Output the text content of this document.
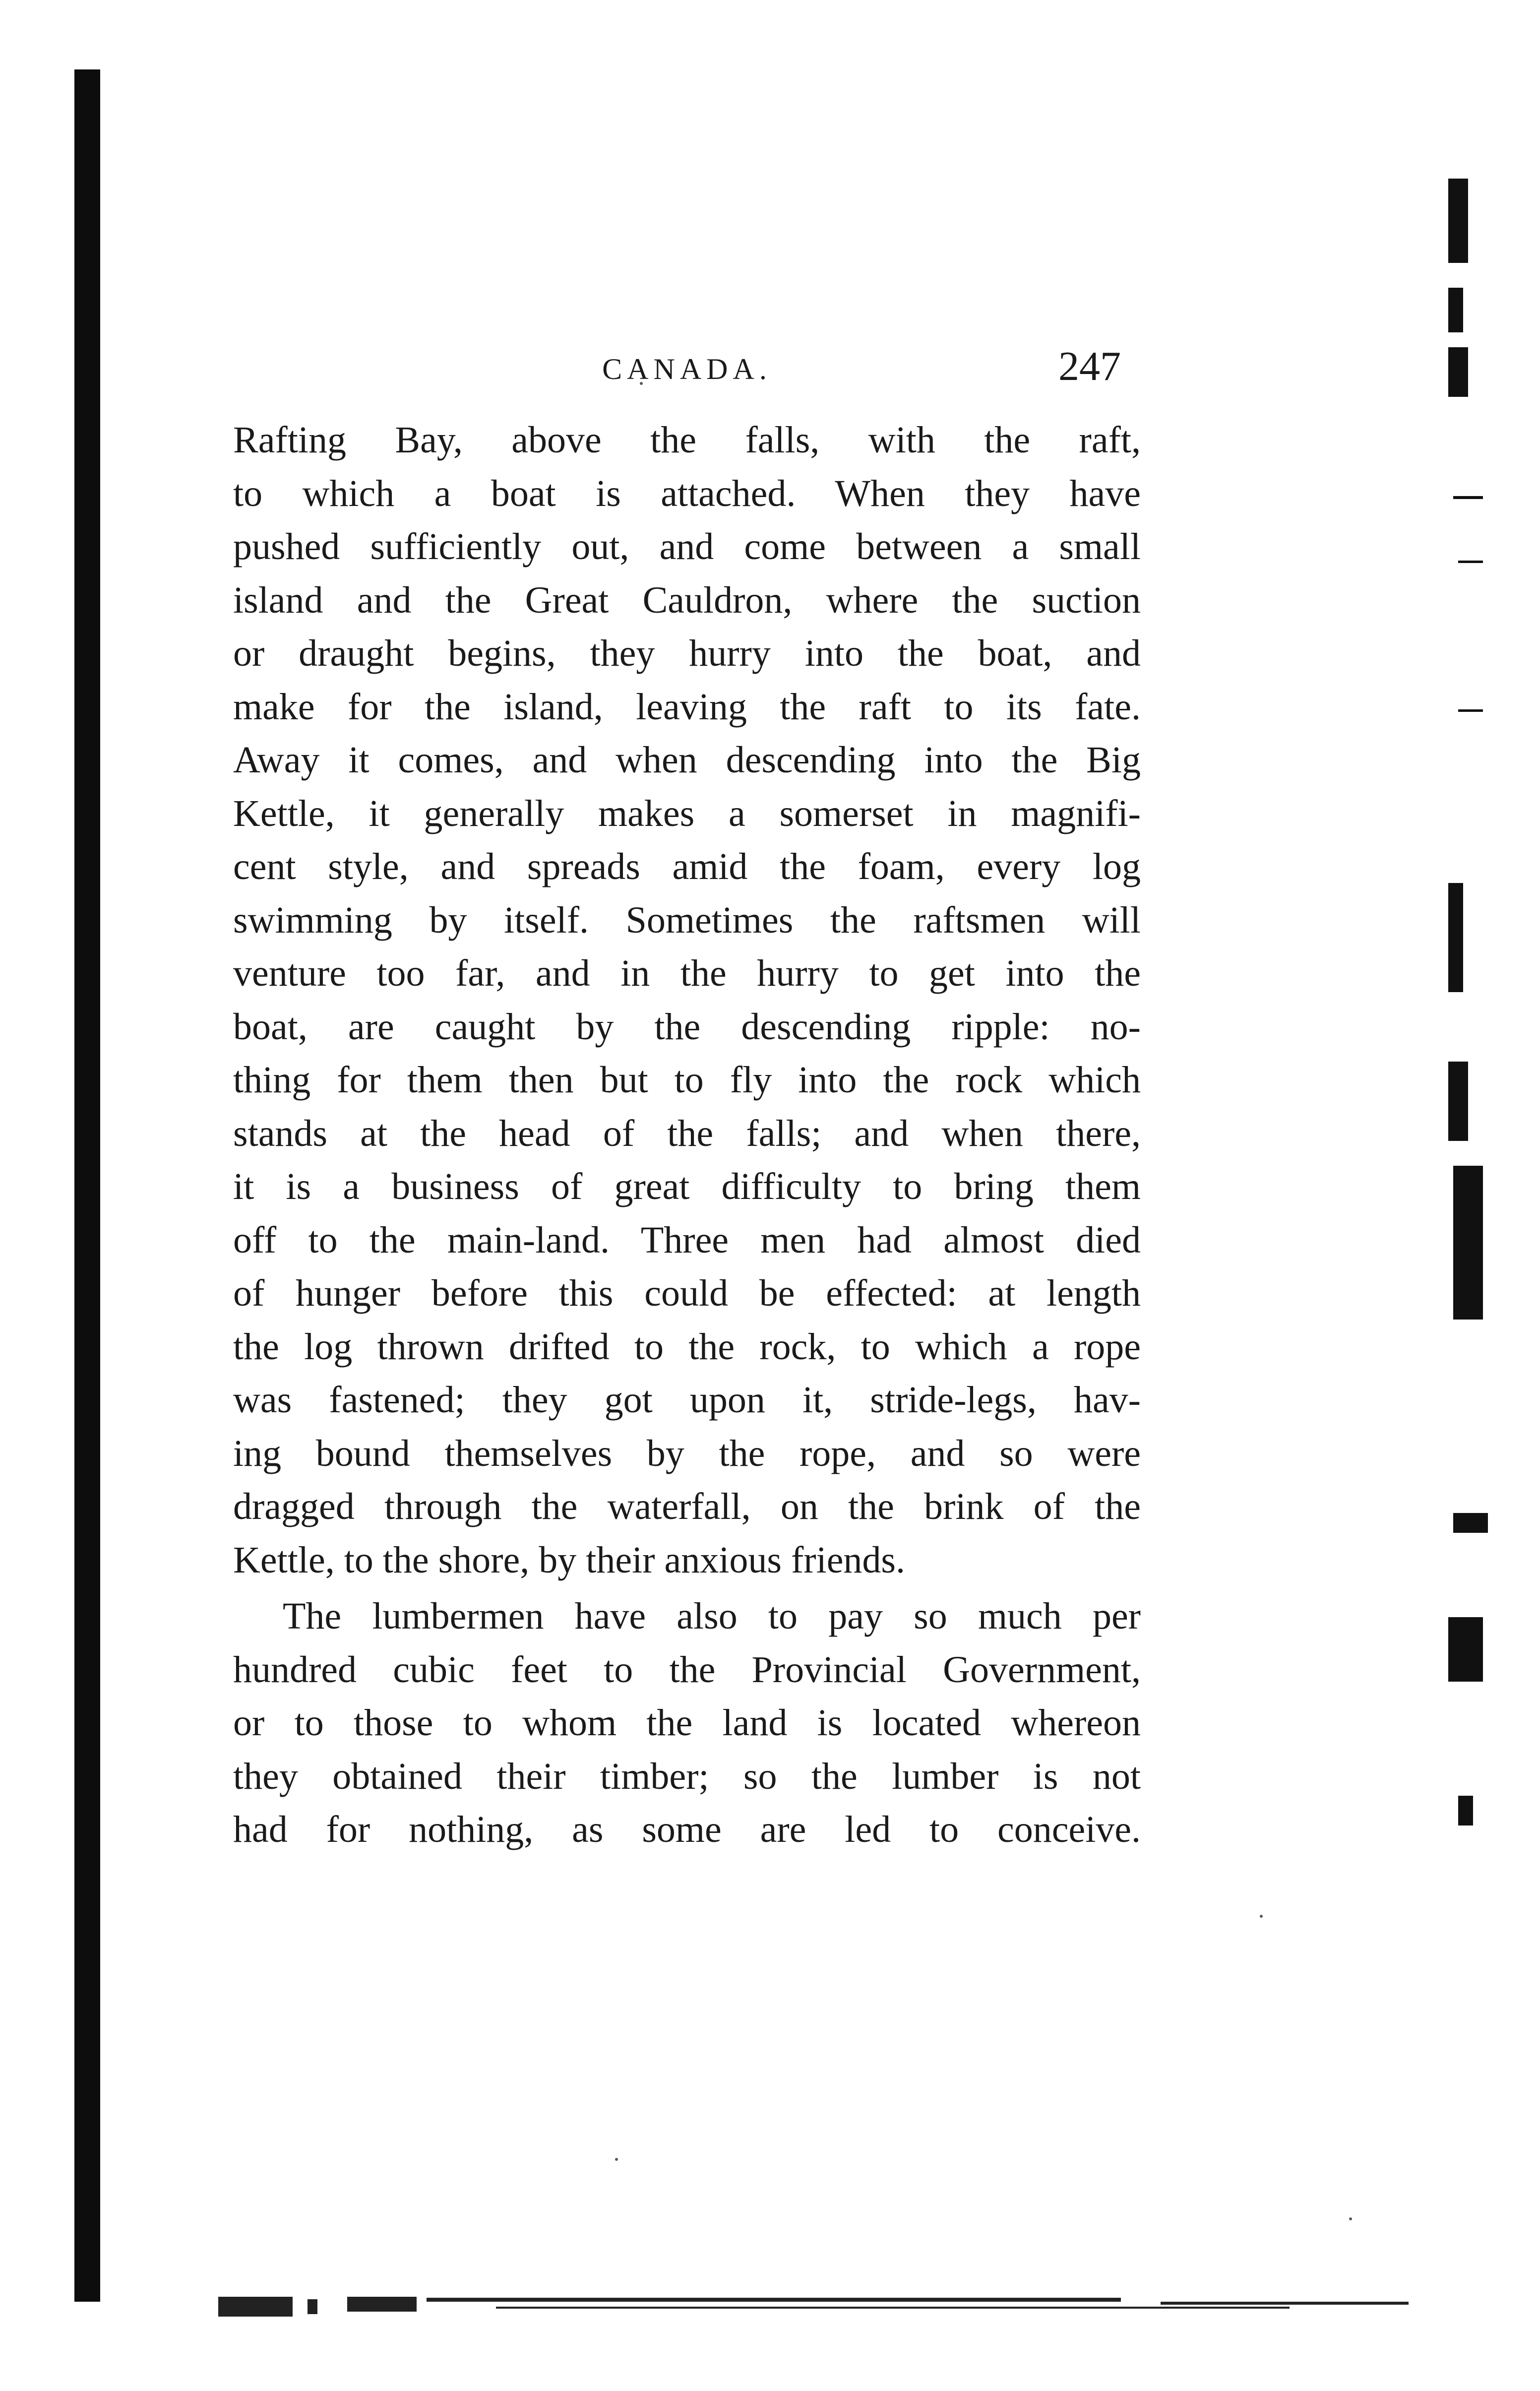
CANADA.	247

Rafting Bay, above the falls, with the raft,
to which a boat is attached. When they have
pushed sufficiently out, and come between a small
island and the Great Cauldron, where the suction
or draught begins, they hurry into the boat, and
make for the island, leaving the raft to its fate.
Away it comes, and when descending into the Big
Kettle, it generally makes a somerset in magnifi-
cent style, and spreads amid the foam, every log
swimming by itself. Sometimes the raftsmen will
venture too far, and in the hurry to get into the
boat, are caught by the descending ripple: no-
thing for them then but to fly into the rock which
stands at the head of the falls; and when there,
it is a business of great difficulty to bring them
off to the main-land. Three men had almost died
of hunger before this could be effected: at length
the log thrown drifted to the rock, to which a rope
was fastened; they got upon it, stride-legs, hav-
ing bound themselves by the rope, and so were
dragged through the waterfall, on the brink of the
Kettle, to the shore, by their anxious friends.

The lumbermen have also to pay so much per
hundred cubic feet to the Provincial Government,
or to those to whom the land is located whereon
they obtained their timber; so the lumber is not
had for nothing, as some are led to conceive.
